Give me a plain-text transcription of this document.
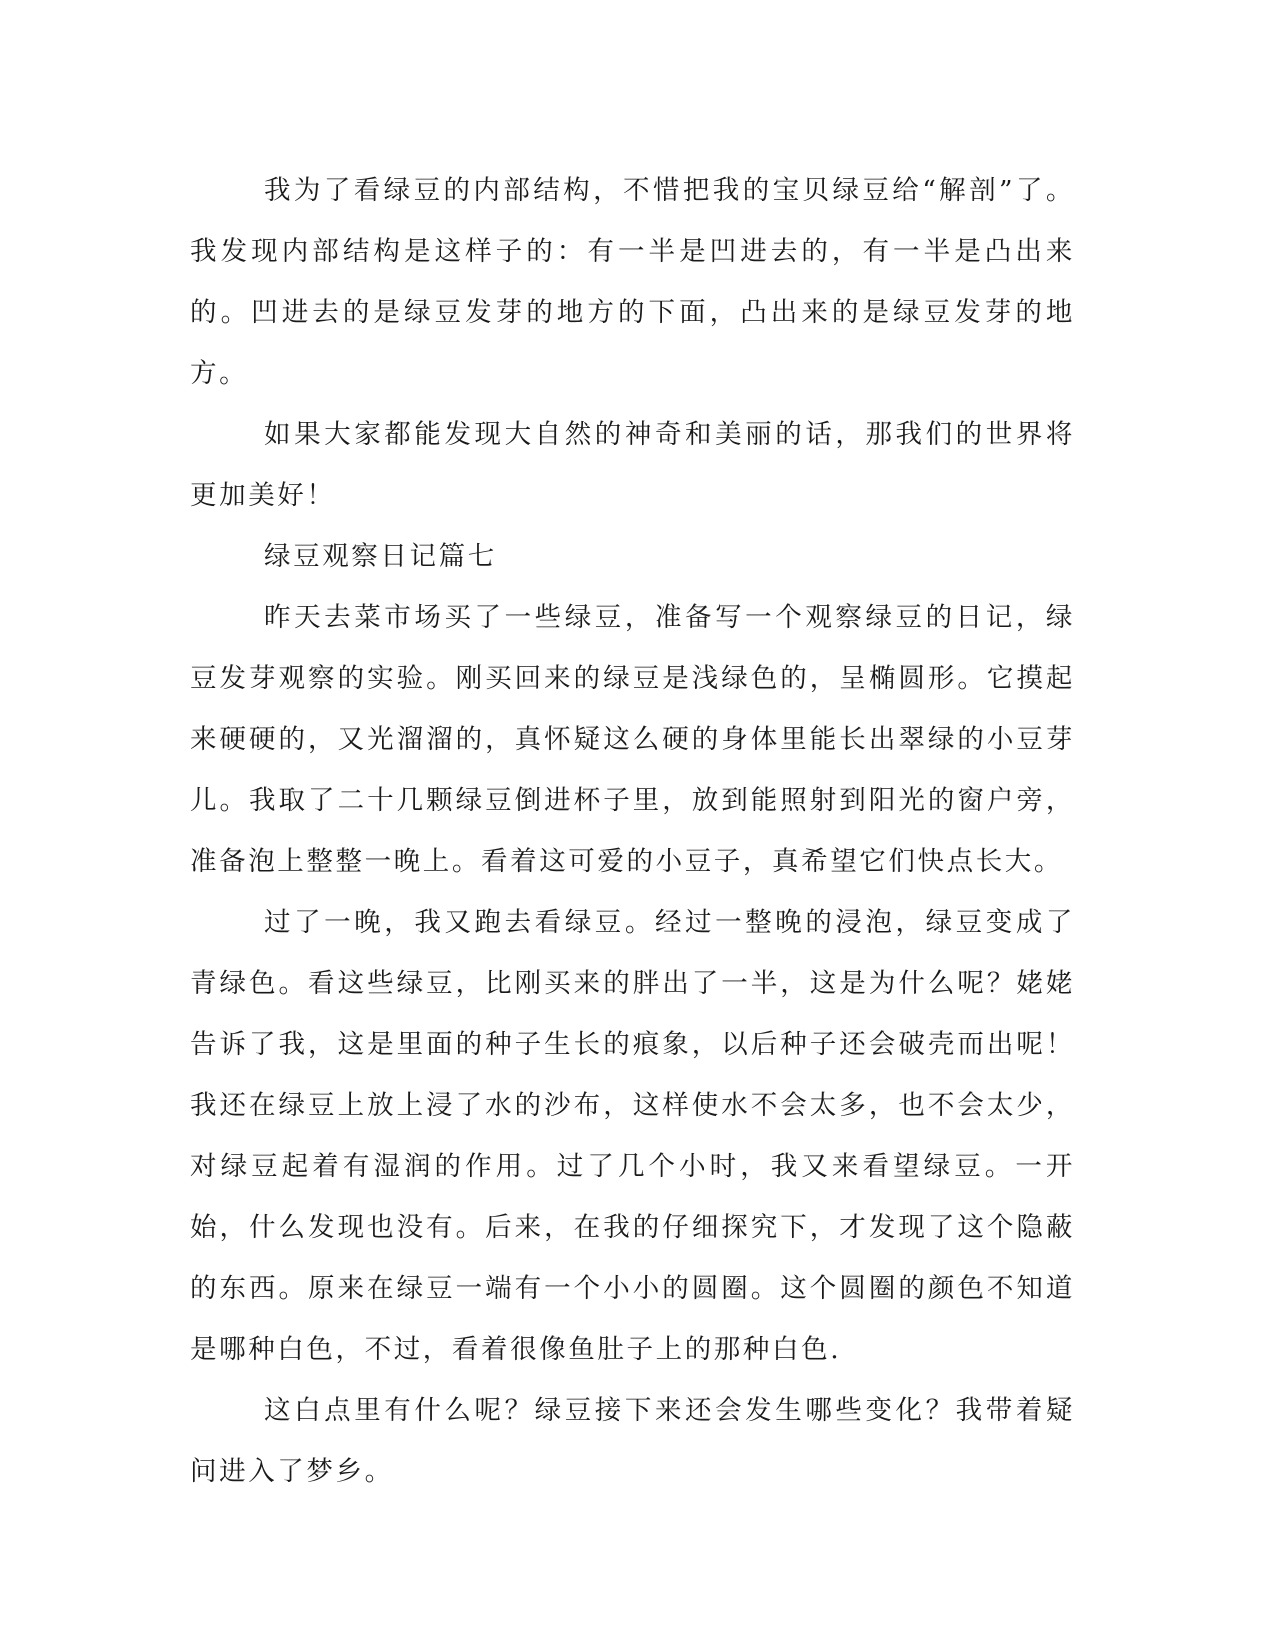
我为了看绿豆的内部结构，不惜把我的宝贝绿豆给“解剖”了。我发现内部结构是这样子的：有一半是凹进去的，有一半是凸出来的。凹进去的是绿豆发芽的地方的下面，凸出来的是绿豆发芽的地方。

如果大家都能发现大自然的神奇和美丽的话，那我们的世界将更加美好！

绿豆观察日记篇七

昨天去菜市场买了一些绿豆，准备写一个观察绿豆的日记，绿豆发芽观察的实验。刚买回来的绿豆是浅绿色的，呈椭圆形。它摸起来硬硬的，又光溜溜的，真怀疑这么硬的身体里能长出翠绿的小豆芽儿。我取了二十几颗绿豆倒进杯子里，放到能照射到阳光的窗户旁，准备泡上整整一晚上。看着这可爱的小豆子，真希望它们快点长大。

过了一晚，我又跑去看绿豆。经过一整晚的浸泡，绿豆变成了青绿色。看这些绿豆，比刚买来的胖出了一半，这是为什么呢？姥姥告诉了我，这是里面的种子生长的痕象，以后种子还会破壳而出呢！我还在绿豆上放上浸了水的沙布，这样使水不会太多，也不会太少，对绿豆起着有湿润的作用。过了几个小时，我又来看望绿豆。一开始，什么发现也没有。后来，在我的仔细探究下，才发现了这个隐蔽的东西。原来在绿豆一端有一个小小的圆圈。这个圆圈的颜色不知道是哪种白色，不过，看着很像鱼肚子上的那种白色.

这白点里有什么呢？绿豆接下来还会发生哪些变化？我带着疑问进入了梦乡。
